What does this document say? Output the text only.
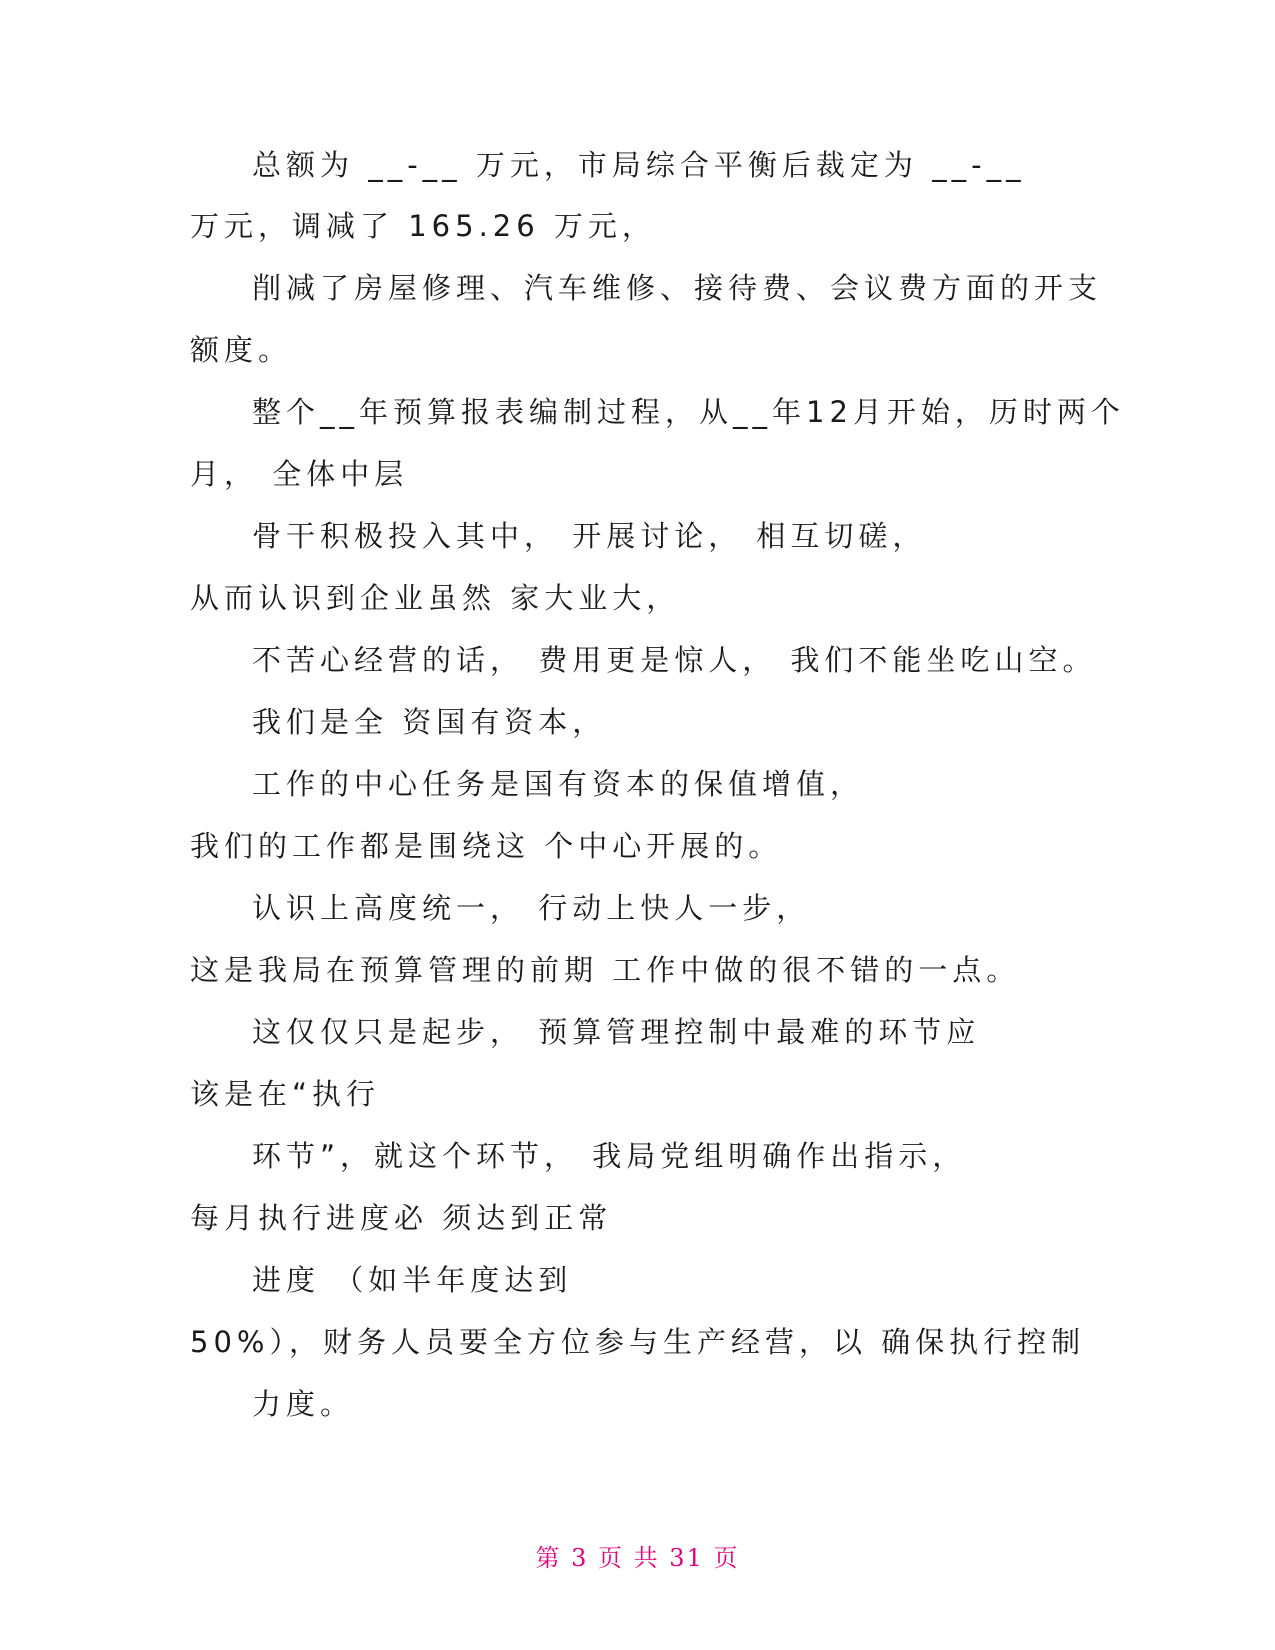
总额为 __-__ 万元，市局综合平衡后裁定为 __-__

万元，调减了 165.26 万元，

削减了房屋修理、汽车维修、接待费、会议费方面的开支

额度。

整个__年预算报表编制过程，从__年12月开始，历时两个

月， 全体中层

骨干积极投入其中， 开展讨论， 相互切磋，

从而认识到企业虽然 家大业大，

不苦心经营的话， 费用更是惊人， 我们不能坐吃山空。

我们是全 资国有资本，

工作的中心任务是国有资本的保值增值，

我们的工作都是围绕这 个中心开展的。

认识上高度统一， 行动上快人一步，

这是我局在预算管理的前期 工作中做的很不错的一点。

这仅仅只是起步， 预算管理控制中最难的环节应

该是在“执行

环节”，就这个环节， 我局党组明确作出指示，

每月执行进度必 须达到正常

进度 （如半年度达到

50%），财务人员要全方位参与生产经营，以 确保执行控制

力度。

第 3 页 共 31 页
